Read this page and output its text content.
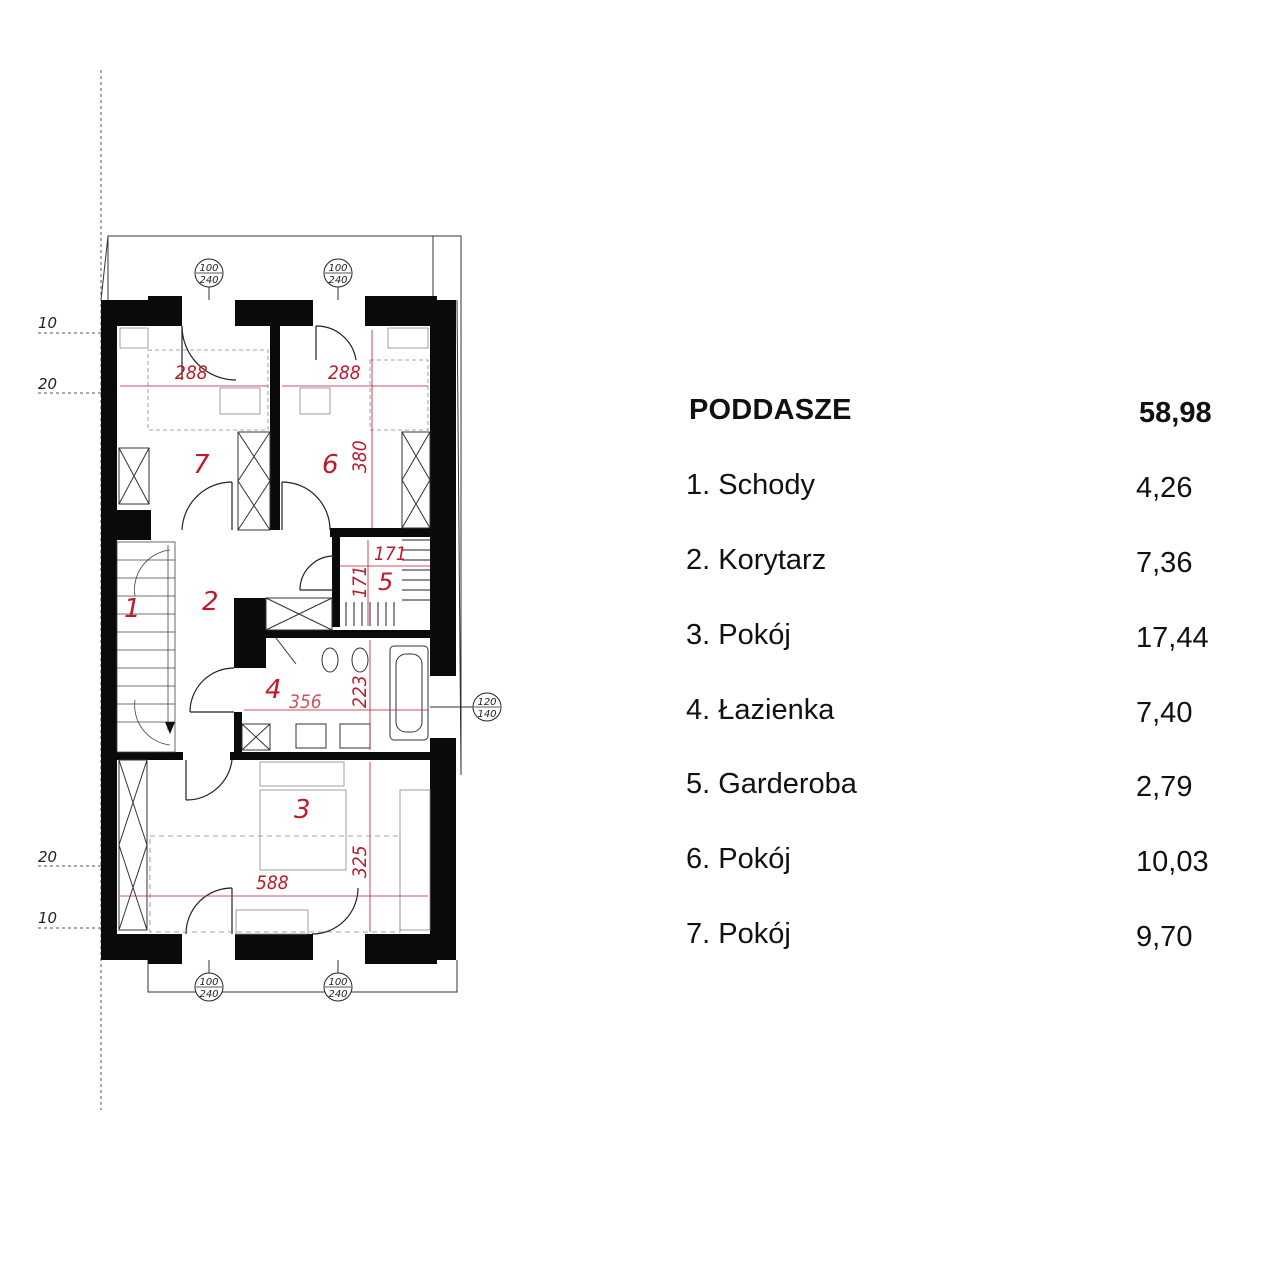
10
20
20
10
1 2
3
4
5
6
7
288	288
380
171
171
356 223
588
325
100
240
100
240
120
140
100
240
100
240
PODDASZE	58,98
1. Schody	4,26
2. Korytarz	7,36
3. Pokój	17,44
4. Łazienka	7,40
5. Garderoba	2,79
6. Pokój	10,03
7. Pokój	9,70
